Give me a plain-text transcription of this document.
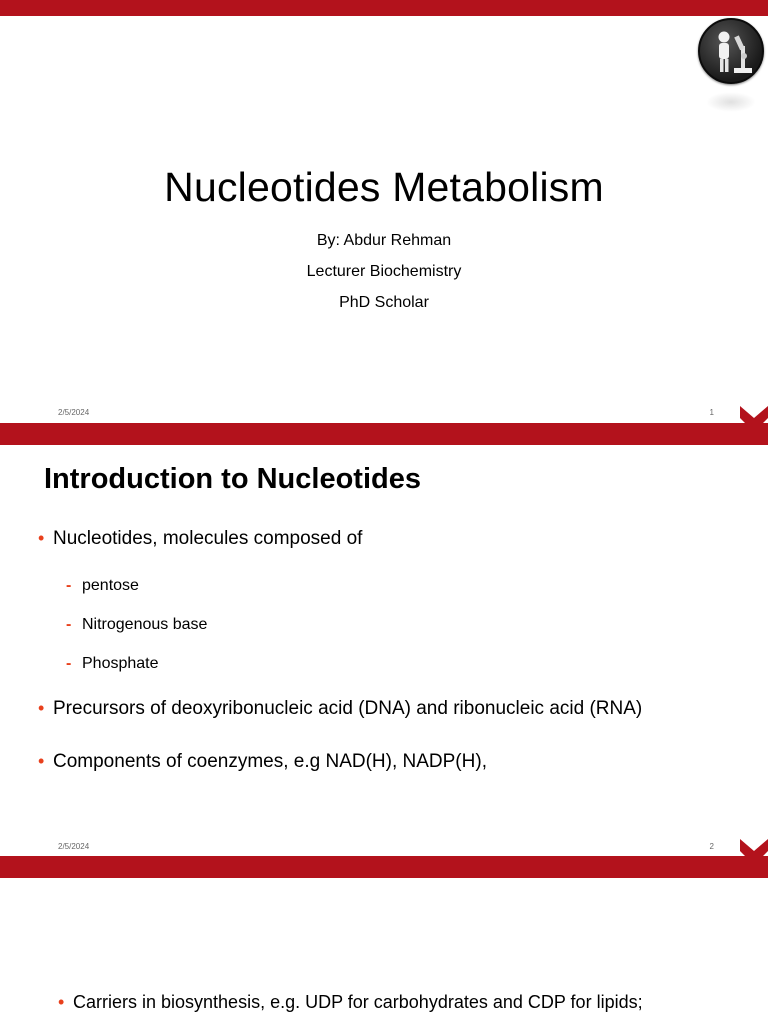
Nucleotides Metabolism
By: Abdur Rehman
Lecturer Biochemistry
PhD Scholar
2/5/2024	1
Introduction to Nucleotides
• Nucleotides, molecules composed of
- pentose
- Nitrogenous base
- Phosphate
• Precursors of deoxyribonucleic acid (DNA) and ribonucleic acid (RNA)
• Components of coenzymes, e.g NAD(H), NADP(H),
2/5/2024	2
• Carriers in biosynthesis, e.g. UDP for carbohydrates and CDP for lipids;
